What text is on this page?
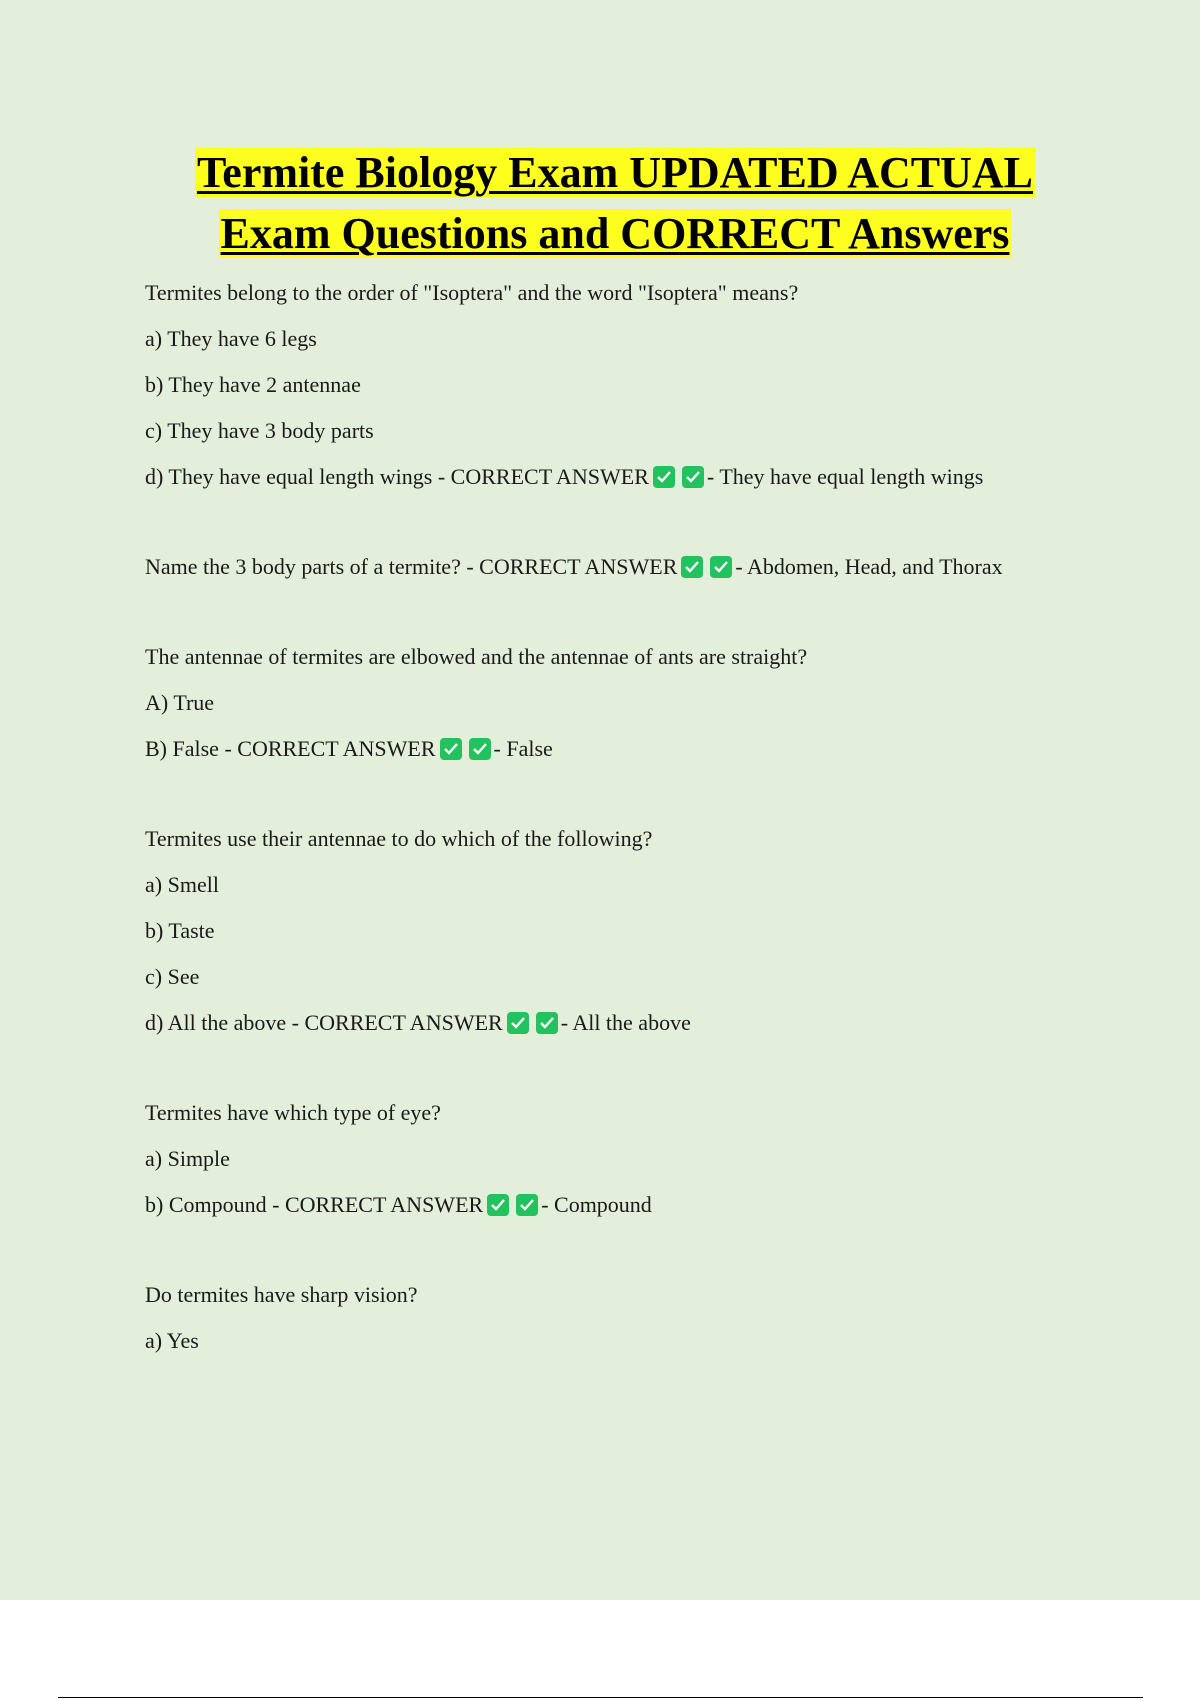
Termite Biology Exam UPDATED ACTUAL
Exam Questions and CORRECT Answers
Termites belong to the order of "Isoptera" and the word "Isoptera" means?
a) They have 6 legs
b) They have 2 antennae
c) They have 3 body parts
d) They have equal length wings - CORRECT ANSWER	- They have equal length wings
Name the 3 body parts of a termite? - CORRECT ANSWER	- Abdomen, Head, and Thorax
The antennae of termites are elbowed and the antennae of ants are straight?
A) True
B) False - CORRECT ANSWER	- False
Termites use their antennae to do which of the following?
a) Smell
b) Taste
c) See
d) All the above - CORRECT ANSWER	- All the above
Termites have which type of eye?
a) Simple
b) Compound - CORRECT ANSWER	- Compound
Do termites have sharp vision?
a) Yes
